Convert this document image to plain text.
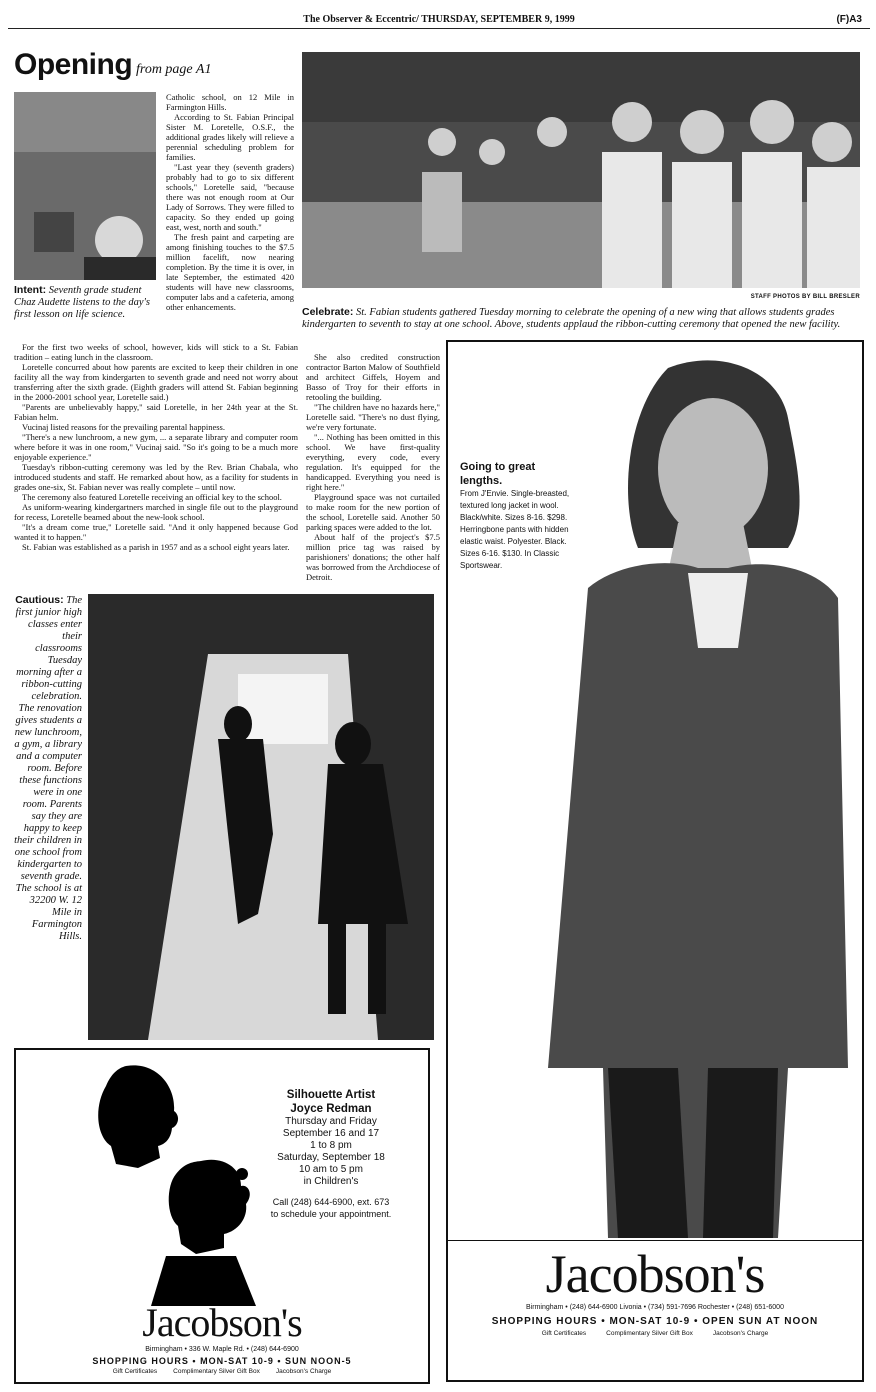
The Observer & Eccentric/ THURSDAY, SEPTEMBER 9, 1999	(F)A3
Opening from page A1
Intent: Seventh grade student Chaz Audette listens to the day's first lesson on life science.

Catholic school, on 12 Mile in Farmington Hills.

According to St. Fabian Principal Sister M. Loretelle, O.S.F., the additional grades likely will relieve a perennial scheduling problem for families.

"Last year they (seventh graders) probably had to go to six different schools," Loretelle said, "because there was not enough room at Our Lady of Sorrows. They were filled to capacity. So they ended up going east, west, north and south."

The fresh paint and carpeting are among finishing touches to the $7.5 million facelift, now nearing completion. By the time it is over, in late September, the estimated 420 students will have new classrooms, computer labs and a cafeteria, among other enhancements.

For the first two weeks of school, however, kids will stick to a St. Fabian tradition – eating lunch in the classroom.

Loretelle concurred about how parents are excited to keep their children in one facility all the way from kindergarten to seventh grade and need not worry about transferring after the sixth grade. (Eighth graders will attend St. Fabian beginning in the 2000-2001 school year, Loretelle said.)

"Parents are unbelievably happy," said Loretelle, in her 24th year at the St. Fabian helm.

Vucinaj listed reasons for the prevailing parental happiness.

"There's a new lunchroom, a new gym, ... a separate library and computer room where before it was in one room," Vucinaj said. "So it's going to be a much more enjoyable experience."

Tuesday's ribbon-cutting ceremony was led by the Rev. Brian Chabala, who introduced students and staff. He remarked about how, as a facility for students in grades one-six, St. Fabian never was really complete – until now.

The ceremony also featured Loretelle receiving an official key to the school.

As uniform-wearing kindergartners marched in single file out to the playground for recess, Loretelle beamed about the new-look school.

"It's a dream come true," Loretelle said. "And it only happened because God wanted it to happen."

St. Fabian was established as a parish in 1957 and as a school eight years later.

STAFF PHOTOS BY BILL BRESLER
Celebrate: St. Fabian students gathered Tuesday morning to celebrate the opening of a new wing that allows students grades kindergarten to seventh to stay at one school. Above, students applaud the ribbon-cutting ceremony that opened the new facility.

She also credited construction contractor Barton Malow of Southfield and architect Giffels, Hoyem and Basso of Troy for their efforts in retooling the building.

"The children have no hazards here," Loretelle said. "There's no dust flying, we're very fortunate.

"... Nothing has been omitted in this school. We have first-quality everything, every code, every regulation. It's equipped for the handicapped. Everything you need is right here."

Playground space was not curtailed to make room for the new portion of the school, Loretelle said. Another 50 parking spaces were added to the lot.

About half of the project's $7.5 million price tag was raised by parishioners' donations; the other half was borrowed from the Archdiocese of Detroit.

Cautious: The first junior high classes enter their classrooms Tuesday morning after a ribbon-cutting celebration. The renovation gives students a new lunchroom, a gym, a library and a computer room. Before these functions were in one room. Parents say they are happy to keep their children in one school from kindergarten to seventh grade. The school is at 32200 W. 12 Mile in Farmington Hills.
Silhouette Artist
Joyce Redman
Thursday and Friday
September 16 and 17
1 to 8 pm
Saturday, September 18
10 am to 5 pm
in Children's
Call (248) 644-6900, ext. 673
to schedule your appointment.
Jacobson's
Birmingham • 336 W. Maple Rd. • (248) 644-6900
SHOPPING HOURS • MON-SAT 10-9 • SUN NOON-5
Gift Certificates Complimentary Silver Gift Box Jacobson's Charge
Going to great lengths.
From J'Envie. Single-breasted, textured long jacket in wool. Black/white. Sizes 8-16. $298. Herringbone pants with hidden elastic waist. Polyester. Black. Sizes 6-16. $130. In Classic Sportswear.
Jacobson's
Birmingham • (248) 644-6900 Livonia • (734) 591-7696 Rochester • (248) 651-6000
SHOPPING HOURS • MON-SAT 10-9 • OPEN SUN AT NOON
Gift Certificates	Complimentary Silver Gift Box	Jacobson's Charge
